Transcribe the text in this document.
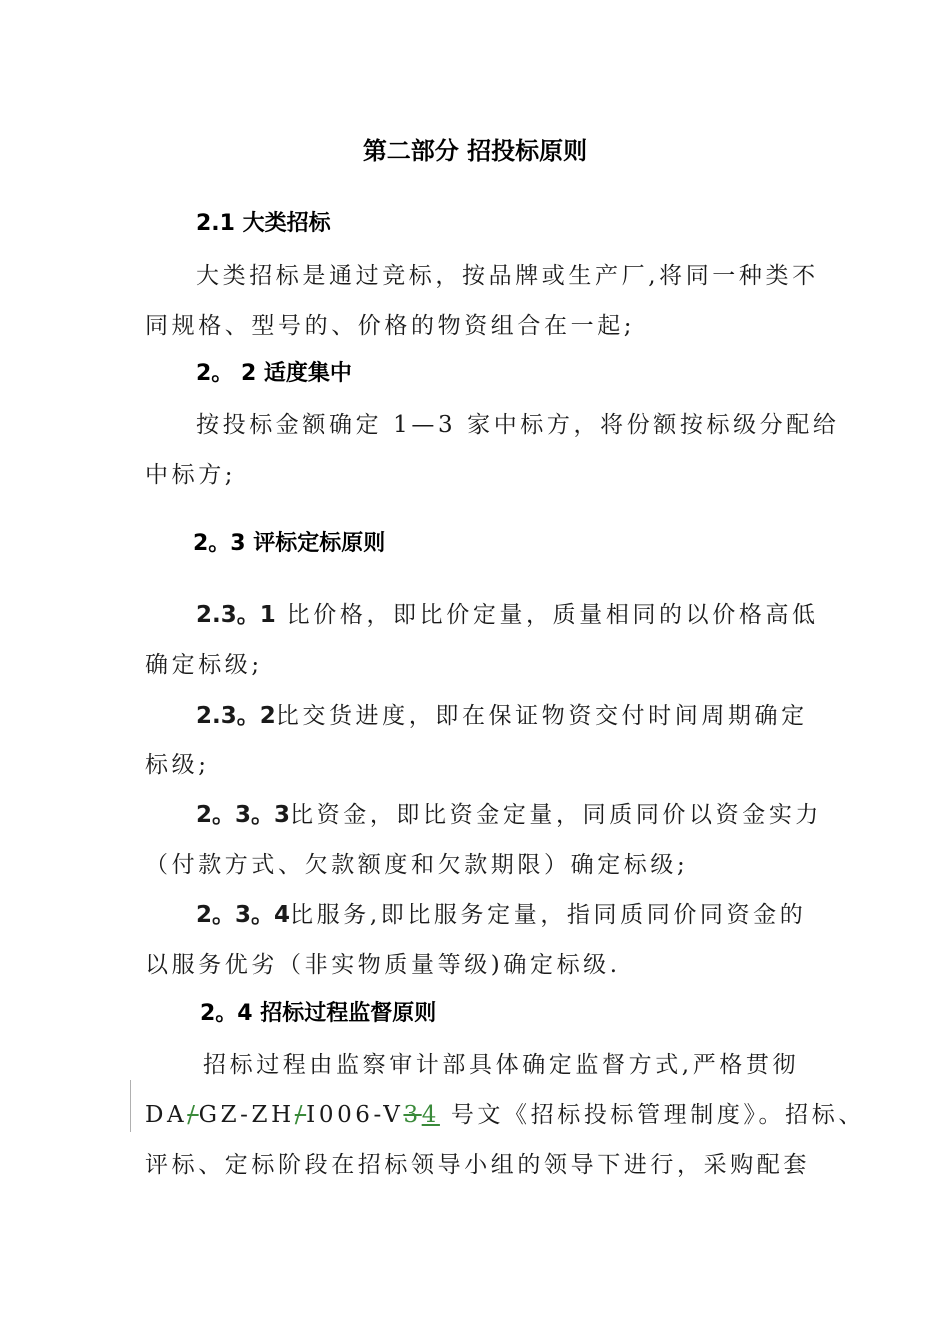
第二部分 招投标原则
2.1 大类招标
大类招标是通过竞标，按品牌或生产厂,将同一种类不
同规格、型号的、价格的物资组合在一起;
2。 2 适度集中
按投标金额确定 1—3 家中标方，将份额按标级分配给
中标方;
2。3 评标定标原则
2.3。1 比价格，即比价定量，质量相同的以价格高低
确定标级;
2.3。2比交货进度，即在保证物资交付时间周期确定
标级;
2。3。3比资金，即比资金定量，同质同价以资金实力
（付款方式、欠款额度和欠款期限）确定标级;
2。3。4比服务,即比服务定量，指同质同价同资金的
以服务优劣（非实物质量等级)确定标级.
2。4 招标过程监督原则
招标过程由监察审计部具体确定监督方式,严格贯彻
DA/GZ-ZH/Ⅰ006-V34 号文《招标投标管理制度》。招标、
评标、定标阶段在招标领导小组的领导下进行，采购配套
